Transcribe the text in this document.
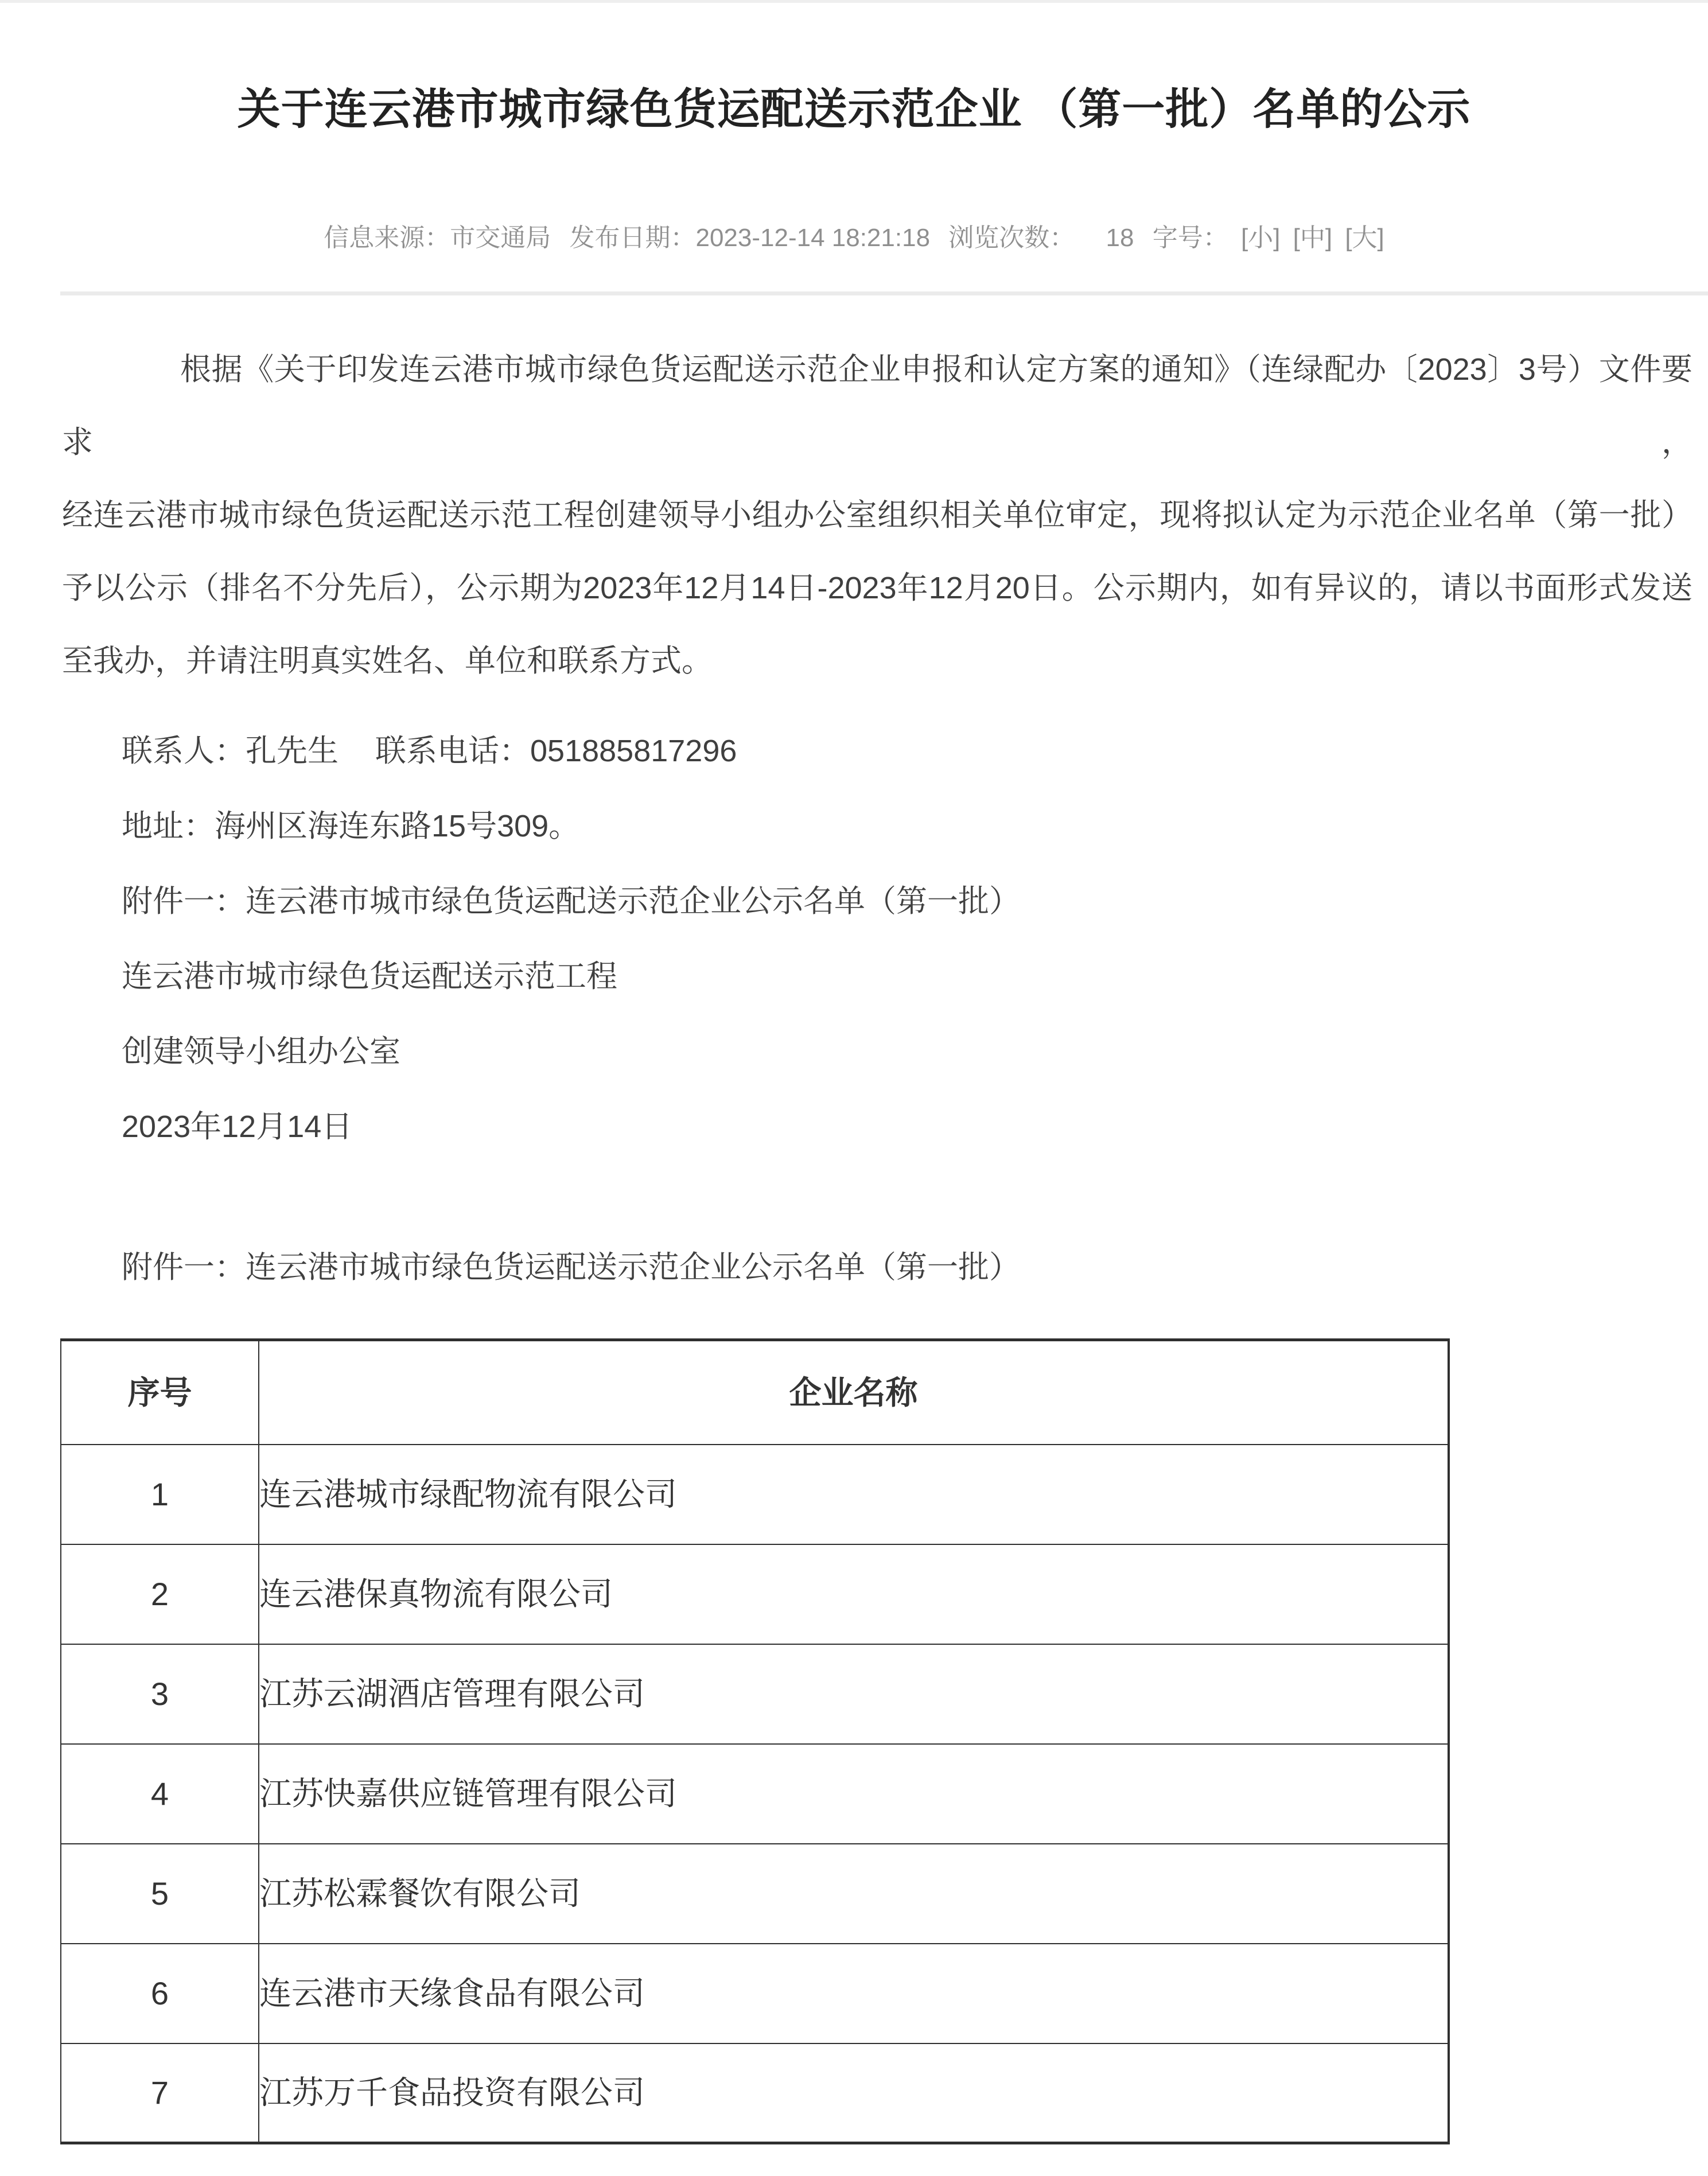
关于连云港市城市绿色货运配送示范企业 （第一批）名单的公示
信息来源：市交通局 发布日期：2023-12-14 18:21:18 浏览次数： 18 字号： [小] [中] [大]

根据《关于印发连云港市城市绿色货运配送示范企业申报和认定方案的通知》（连绿配办〔2023〕3号）文件要求，

经连云港市城市绿色货运配送示范工程创建领导小组办公室组织相关单位审定，现将拟认定为示范企业名单（第一批）

予以公示（排名不分先后），公示期为2023年12月14日-2023年12月20日。公示期内，如有异议的，请以书面形式发送

至我办，并请注明真实姓名、单位和联系方式。

联系人：孔先生 联系电话：051885817296

地址：海州区海连东路15号309。

附件一：连云港市城市绿色货运配送示范企业公示名单（第一批）

连云港市城市绿色货运配送示范工程

创建领导小组办公室

2023年12月14日

附件一：连云港市城市绿色货运配送示范企业公示名单（第一批）

序号	企业名称
1	连云港城市绿配物流有限公司
2	连云港保真物流有限公司
3	江苏云湖酒店管理有限公司
4	江苏快嘉供应链管理有限公司
5	江苏松霖餐饮有限公司
6	连云港市天缘食品有限公司
7	江苏万千食品投资有限公司
